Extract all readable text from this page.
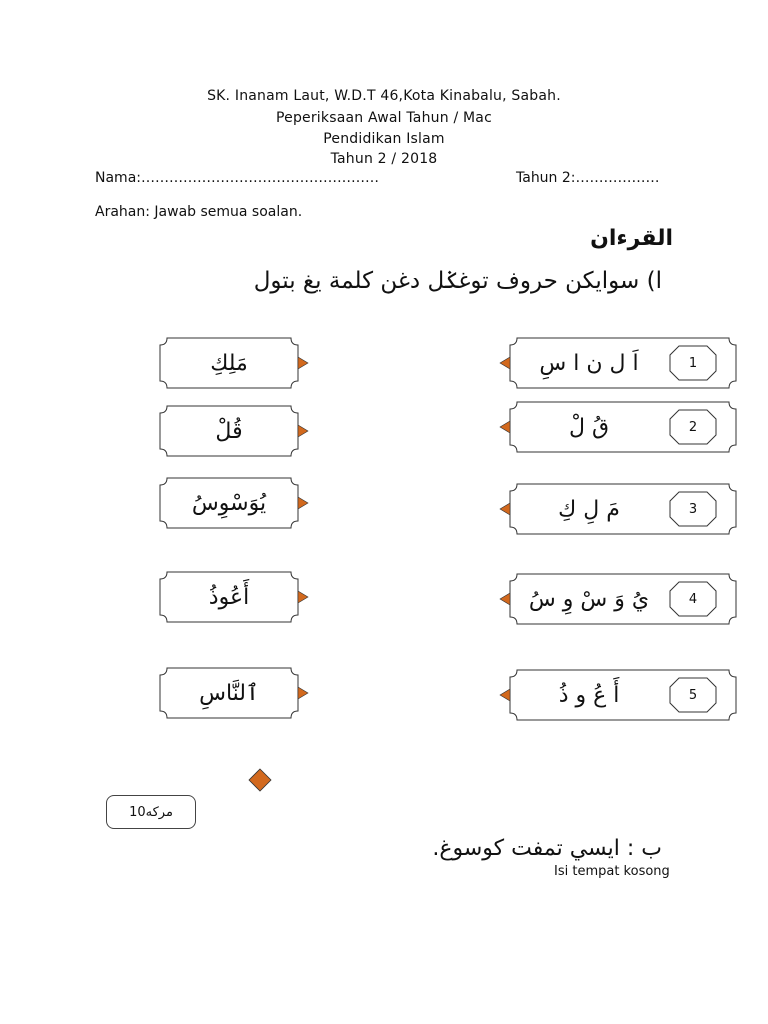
SK. Inanam Laut, W.D.T 46,Kota Kinabalu, Sabah.
Peperiksaan Awal Tahun / Mac
Pendidikan Islam
Tahun 2 / 2018
Nama:……………………………………………	Tahun 2:………………
Arahan: Jawab semua soalan.
القرءان
ا) سوايكن حروف توغݢل دغن كلمة يغ بتول
مَلِكِ
قُلْ
يُوَسْوِسُ
أَعُوذُ
ٱلنَّاسِ
اَ ل ن ا سِ	1
قُ لْ	2
مَ لِ كِ	3
يُ وَ سْ وِ سُ	4
أَ عُ و ذُ	5
10مركه
ب : ايسي تمفت كوسوغ.
Isi tempat kosong
